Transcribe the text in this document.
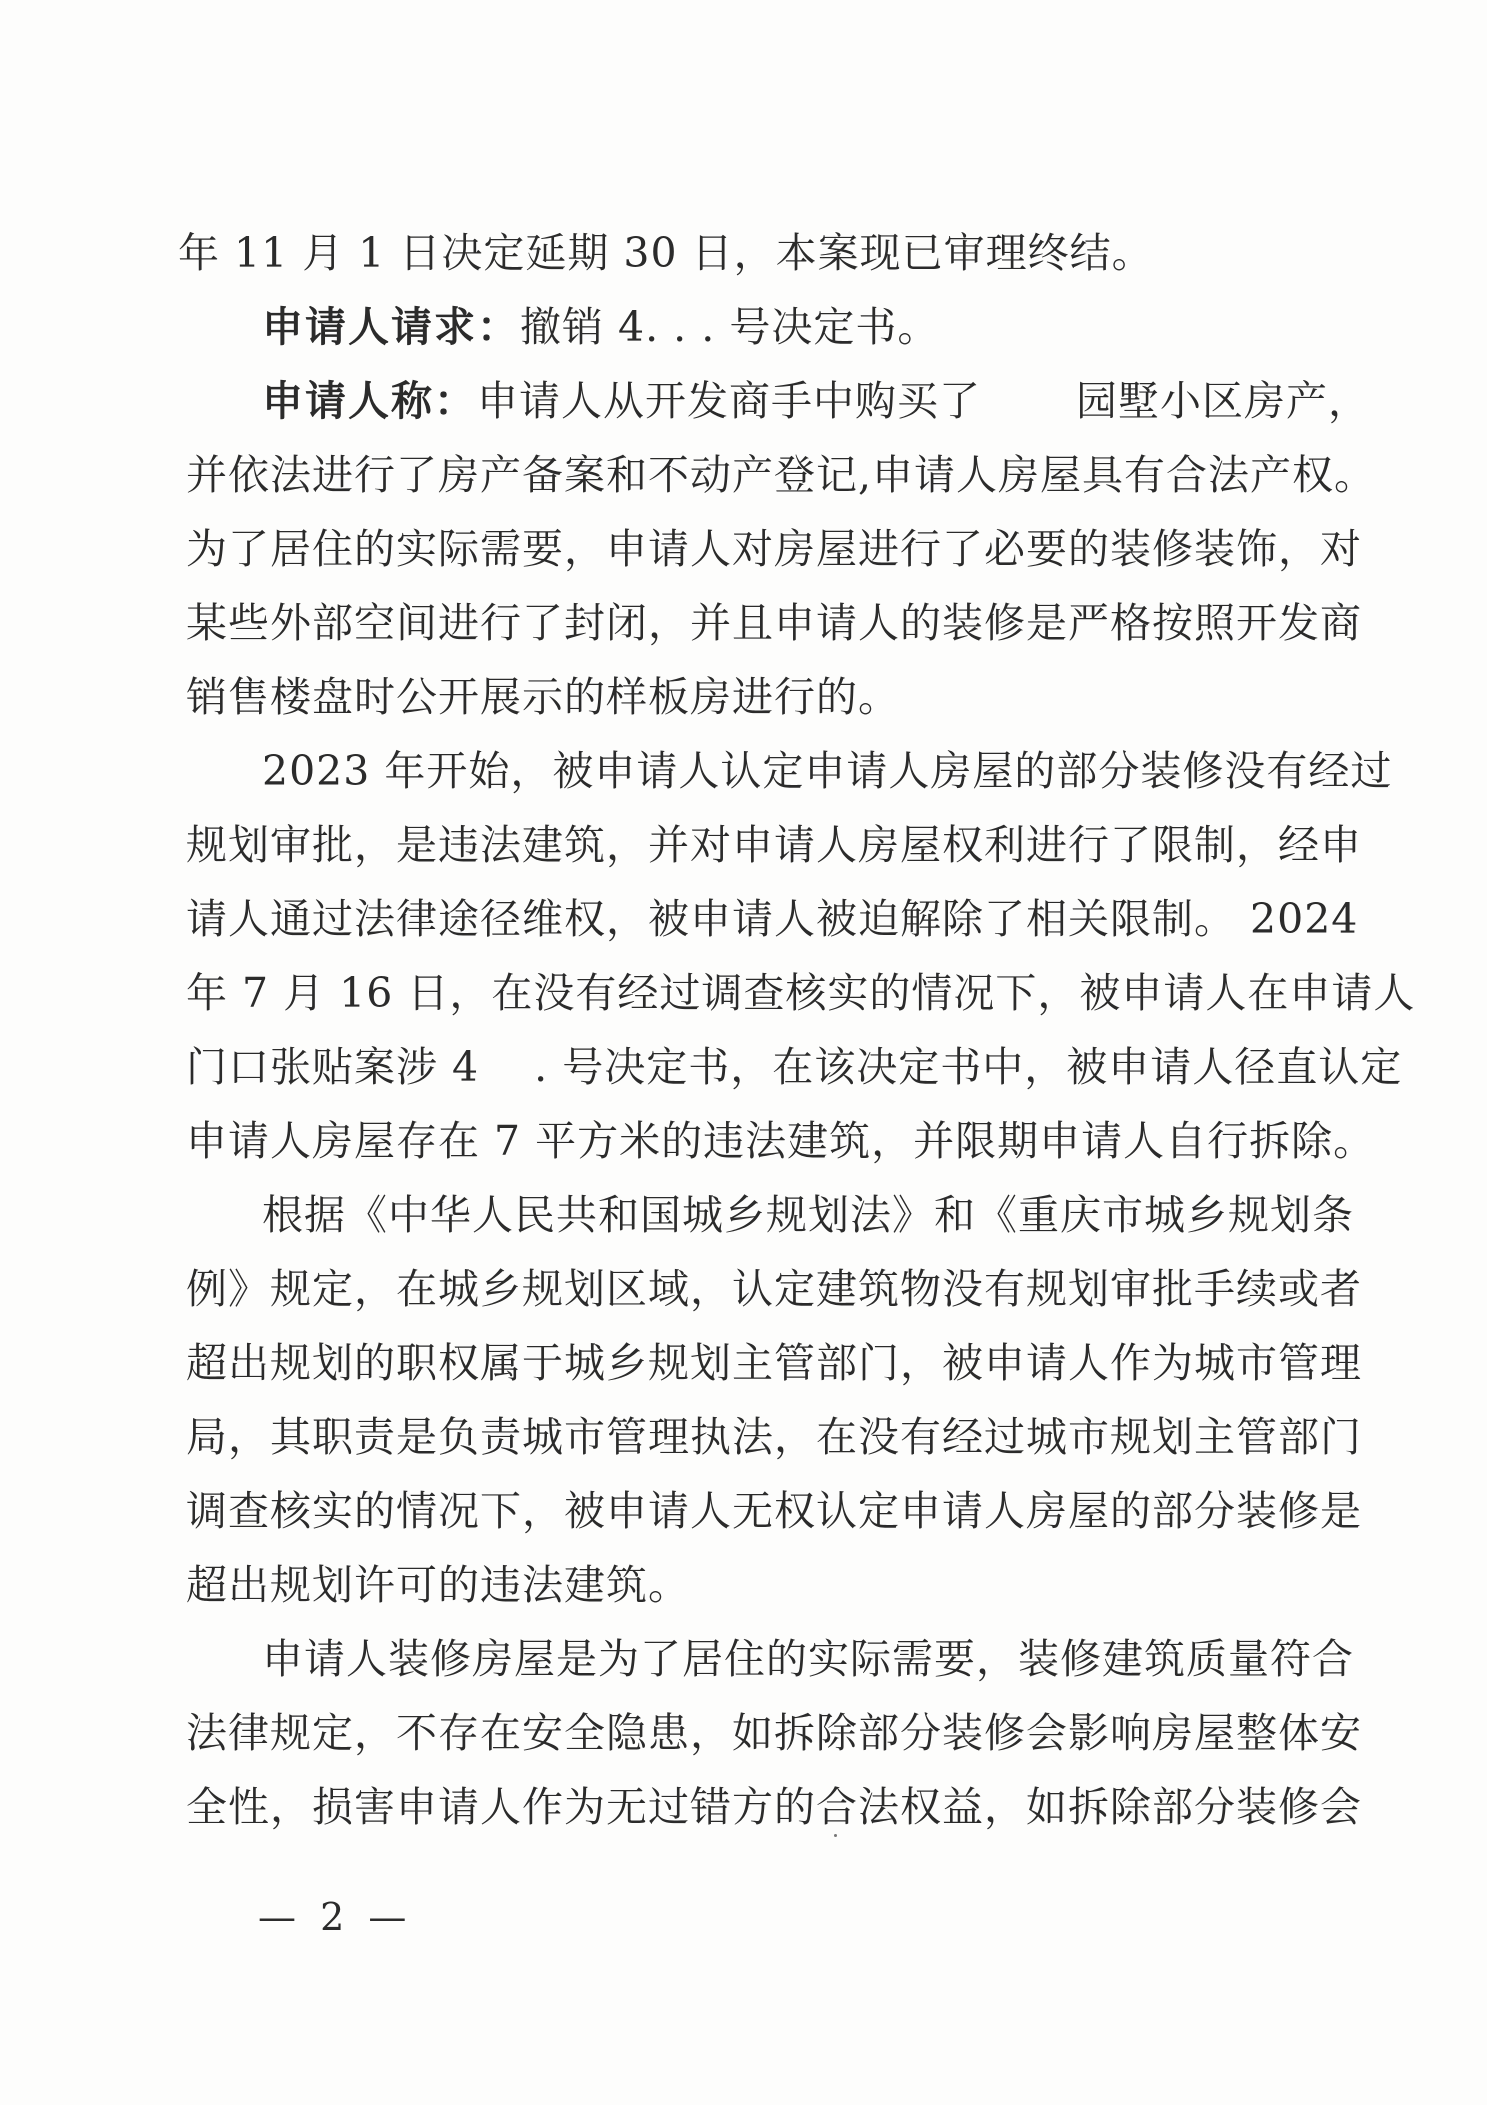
年 11 月 1 日决定延期 30 日，本案现已审理终结。
申请人请求：撤销 4. . . 号决定书。
申请人称：申请人从开发商手中购买了 园墅小区房产，
并依法进行了房产备案和不动产登记,申请人房屋具有合法产权。
为了居住的实际需要，申请人对房屋进行了必要的装修装饰，对
某些外部空间进行了封闭，并且申请人的装修是严格按照开发商
销售楼盘时公开展示的样板房进行的。
2023 年开始，被申请人认定申请人房屋的部分装修没有经过
规划审批，是违法建筑，并对申请人房屋权利进行了限制，经申
请人通过法律途径维权，被申请人被迫解除了相关限制。 2024
年 7 月 16 日，在没有经过调查核实的情况下，被申请人在申请人
门口张贴案涉 4 . 号决定书，在该决定书中，被申请人径直认定
申请人房屋存在 7 平方米的违法建筑，并限期申请人自行拆除。
根据《中华人民共和国城乡规划法》和《重庆市城乡规划条
例》规定，在城乡规划区域，认定建筑物没有规划审批手续或者
超出规划的职权属于城乡规划主管部门，被申请人作为城市管理
局，其职责是负责城市管理执法，在没有经过城市规划主管部门
调查核实的情况下，被申请人无权认定申请人房屋的部分装修是
超出规划许可的违法建筑。
申请人装修房屋是为了居住的实际需要，装修建筑质量符合
法律规定，不存在安全隐患，如拆除部分装修会影响房屋整体安
— 2 —
全性，损害申请人作为无过错方的合法权益，如拆除部分装修会
